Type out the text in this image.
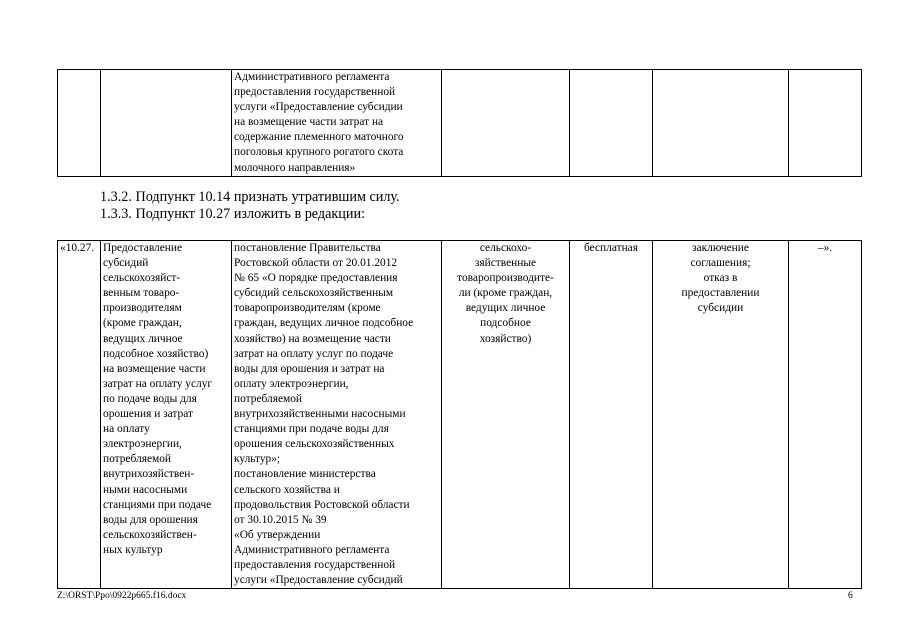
		Административного регламента
предоставления государственной
услуги «Предоставление субсидии
на возмещение части затрат на
содержание племенного маточного
поголовья крупного рогатого скота
молочного направления»				
1.3.2. Подпункт 10.14 признать утратившим силу.
1.3.3. Подпункт 10.27 изложить в редакции:
«10.27.	Предоставление
субсидий
сельскохозяйст-
венным товаро-
производителям
(кроме граждан,
ведущих личное
подсобное хозяйство)
на возмещение части
затрат на оплату услуг
по подаче воды для
орошения и затрат
на оплату
электроэнергии,
потребляемой
внутрихозяйствен-
ными насосными
станциями при подаче
воды для орошения
сельскохозяйствен-
ных культур	постановление Правительства
Ростовской области от 20.01.2012
№ 65 «О порядке предоставления
субсидий сельскохозяйственным
товаропроизводителям (кроме
граждан, ведущих личное подсобное
хозяйство) на возмещение части
затрат на оплату услуг по подаче
воды для орошения и затрат на
оплату электроэнергии,
потребляемой
внутрихозяйственными насосными
станциями при подаче воды для
орошения сельскохозяйственных
культур»;
постановление министерства
сельского хозяйства и
продовольствия Ростовской области
от 30.10.2015 № 39
«Об утверждении
Административного регламента
предоставления государственной
услуги «Предоставление субсидий	сельскохо-
зяйственные
товаропроизводите-
ли (кроме граждан,
ведущих личное
подсобное
хозяйство)	бесплатная	заключение
соглашения;
отказ в
предоставлении
субсидии	–».
Z:\ORST\Ppo\0922p665.f16.docx	6
